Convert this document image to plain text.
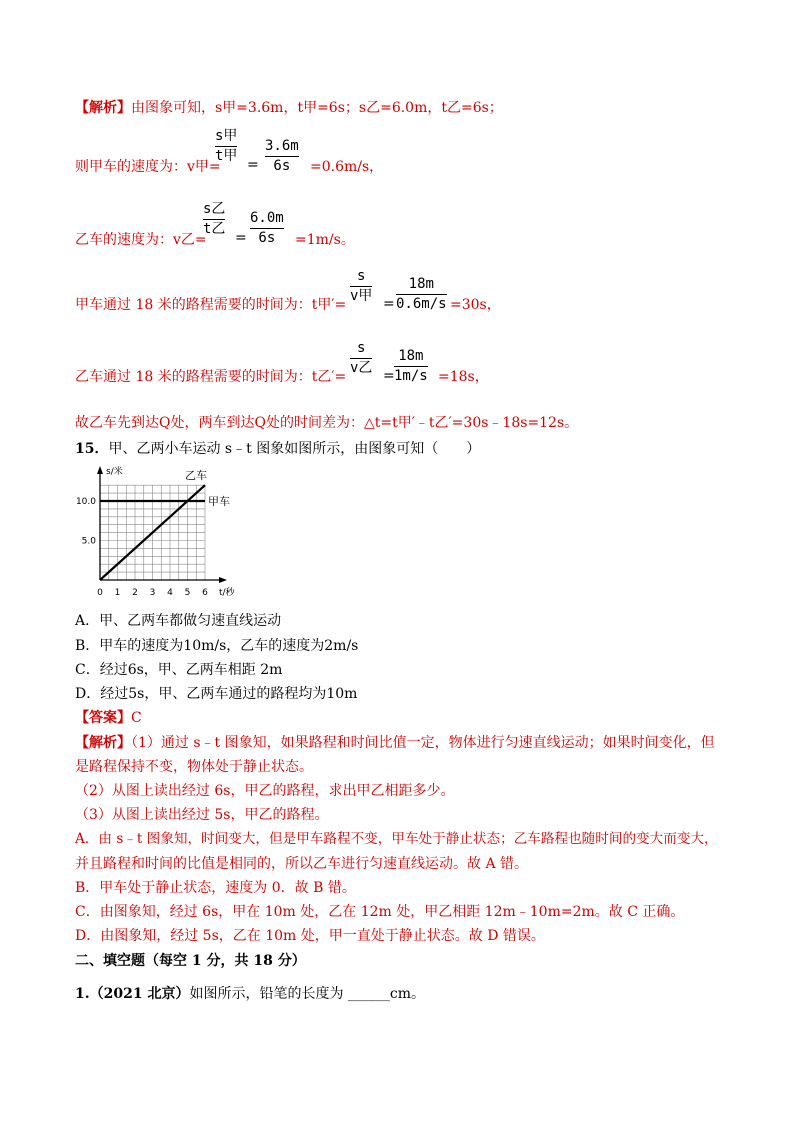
【解析】由图象可知，s甲=3.6m，t甲=6s；s乙=6.0m，t乙=6s；
则甲车的速度为：v甲=
s甲
t甲
=
3.6m
6s	=0.6m/s，
乙车的速度为：v乙=
s乙
t乙
=
6.0m
6s	=1m/s。
甲车通过 18 米的路程需要的时间为：t甲′=
s
v甲 =
18m
0.6m/s =30s，
乙车通过 18 米的路程需要的时间为：t乙′=
s
v乙 =
18m
1m/s =18s，
故乙车先到达Q处，两车到达Q处的时间差为：△t=t甲′﹣t乙′=30s﹣18s=12s。
15．甲、乙两小车运动 s﹣t 图象如图所示，由图象可知（　　）
0 1 2 3 4 5 6
5.0
10.0
s/米
t/秒
甲车
乙车
A．甲、乙两车都做匀速直线运动
B．甲车的速度为10m/s，乙车的速度为2m/s
C．经过6s，甲、乙两车相距 2m
D．经过5s，甲、乙两车通过的路程均为10m
【答案】C
【解析】（1）通过 s﹣t 图象知，如果路程和时间比值一定，物体进行匀速直线运动；如果时间变化，但
是路程保持不变，物体处于静止状态。
（2）从图上读出经过 6s，甲乙的路程，求出甲乙相距多少。
（3）从图上读出经过 5s，甲乙的路程。
A．由 s﹣t 图象知，时间变大，但是甲车路程不变，甲车处于静止状态；乙车路程也随时间的变大而变大，
并且路程和时间的比值是相同的，所以乙车进行匀速直线运动。故 A 错。
B．甲车处于静止状态，速度为 0．故 B 错。
C．由图象知，经过 6s，甲在 10m 处，乙在 12m 处，甲乙相距 12m﹣10m=2m。故 C 正确。
D．由图象知，经过 5s，乙在 10m 处，甲一直处于静止状态。故 D 错误。
二、填空题（每空 1 分，共 18 分）
1.（2021 北京）如图所示，铅笔的长度为 ______cm。
